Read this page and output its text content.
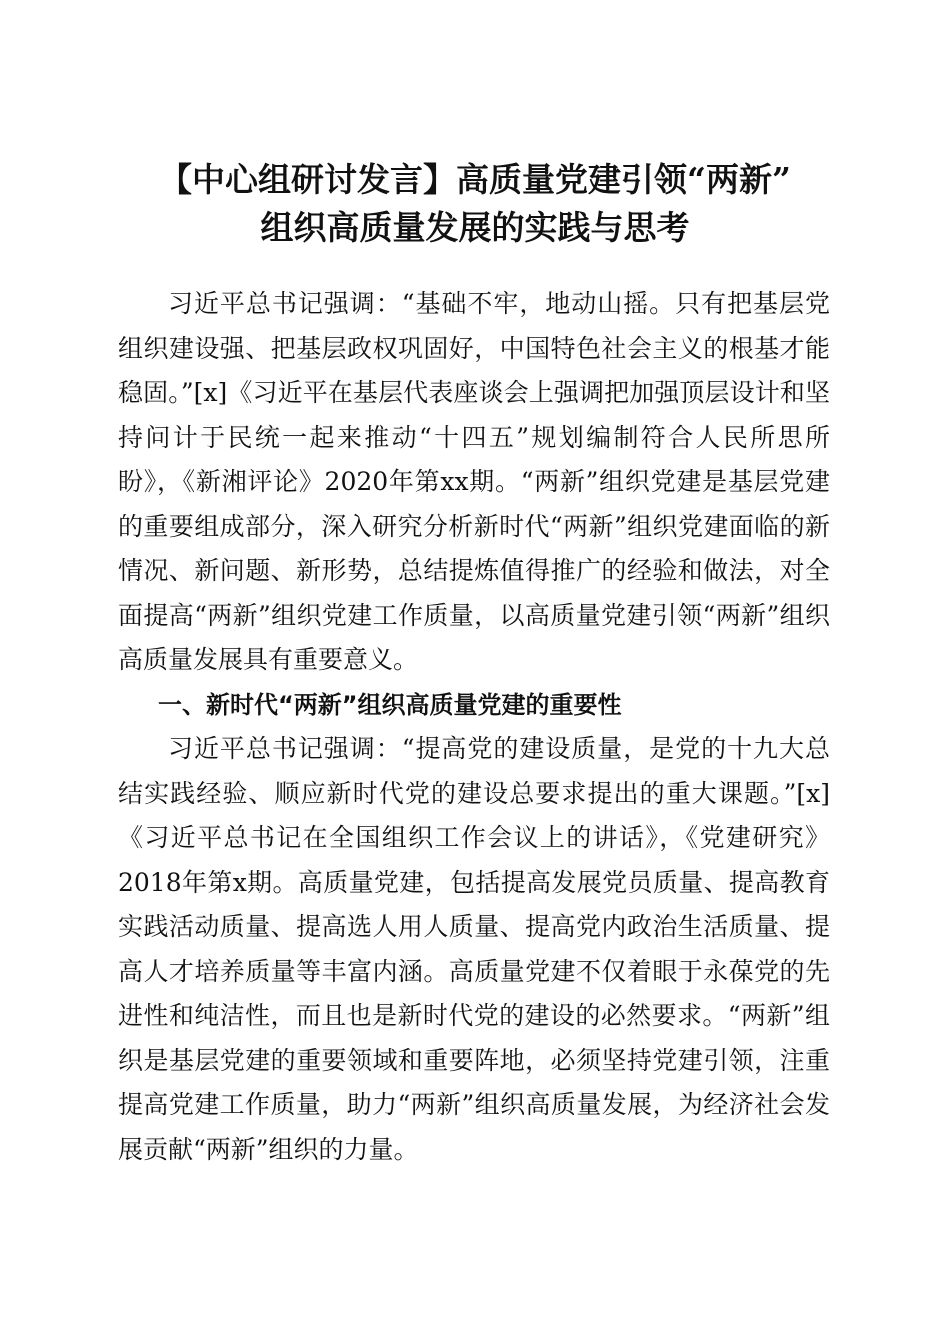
【中心组研讨发言】高质量党建引领“两新”
组织高质量发展的实践与思考

习近平总书记强调：“基础不牢，地动山摇。只有把基层党组织建设强、把基层政权巩固好，中国特色社会主义的根基才能稳固。”[x]《习近平在基层代表座谈会上强调把加强顶层设计和坚持问计于民统一起来推动“十四五”规划编制符合人民所思所盼》，《新湘评论》2020年第xx期。“两新”组织党建是基层党建的重要组成部分，深入研究分析新时代“两新”组织党建面临的新情况、新问题、新形势，总结提炼值得推广的经验和做法，对全面提高“两新”组织党建工作质量，以高质量党建引领“两新”组织高质量发展具有重要意义。

一、新时代“两新”组织高质量党建的重要性

习近平总书记强调：“提高党的建设质量，是党的十九大总结实践经验、顺应新时代党的建设总要求提出的重大课题。”[x]《习近平总书记在全国组织工作会议上的讲话》，《党建研究》2018年第x期。高质量党建，包括提高发展党员质量、提高教育实践活动质量、提高选人用人质量、提高党内政治生活质量、提高人才培养质量等丰富内涵。高质量党建不仅着眼于永葆党的先进性和纯洁性，而且也是新时代党的建设的必然要求。“两新”组织是基层党建的重要领域和重要阵地，必须坚持党建引领，注重提高党建工作质量，助力“两新”组织高质量发展，为经济社会发展贡献“两新”组织的力量。
